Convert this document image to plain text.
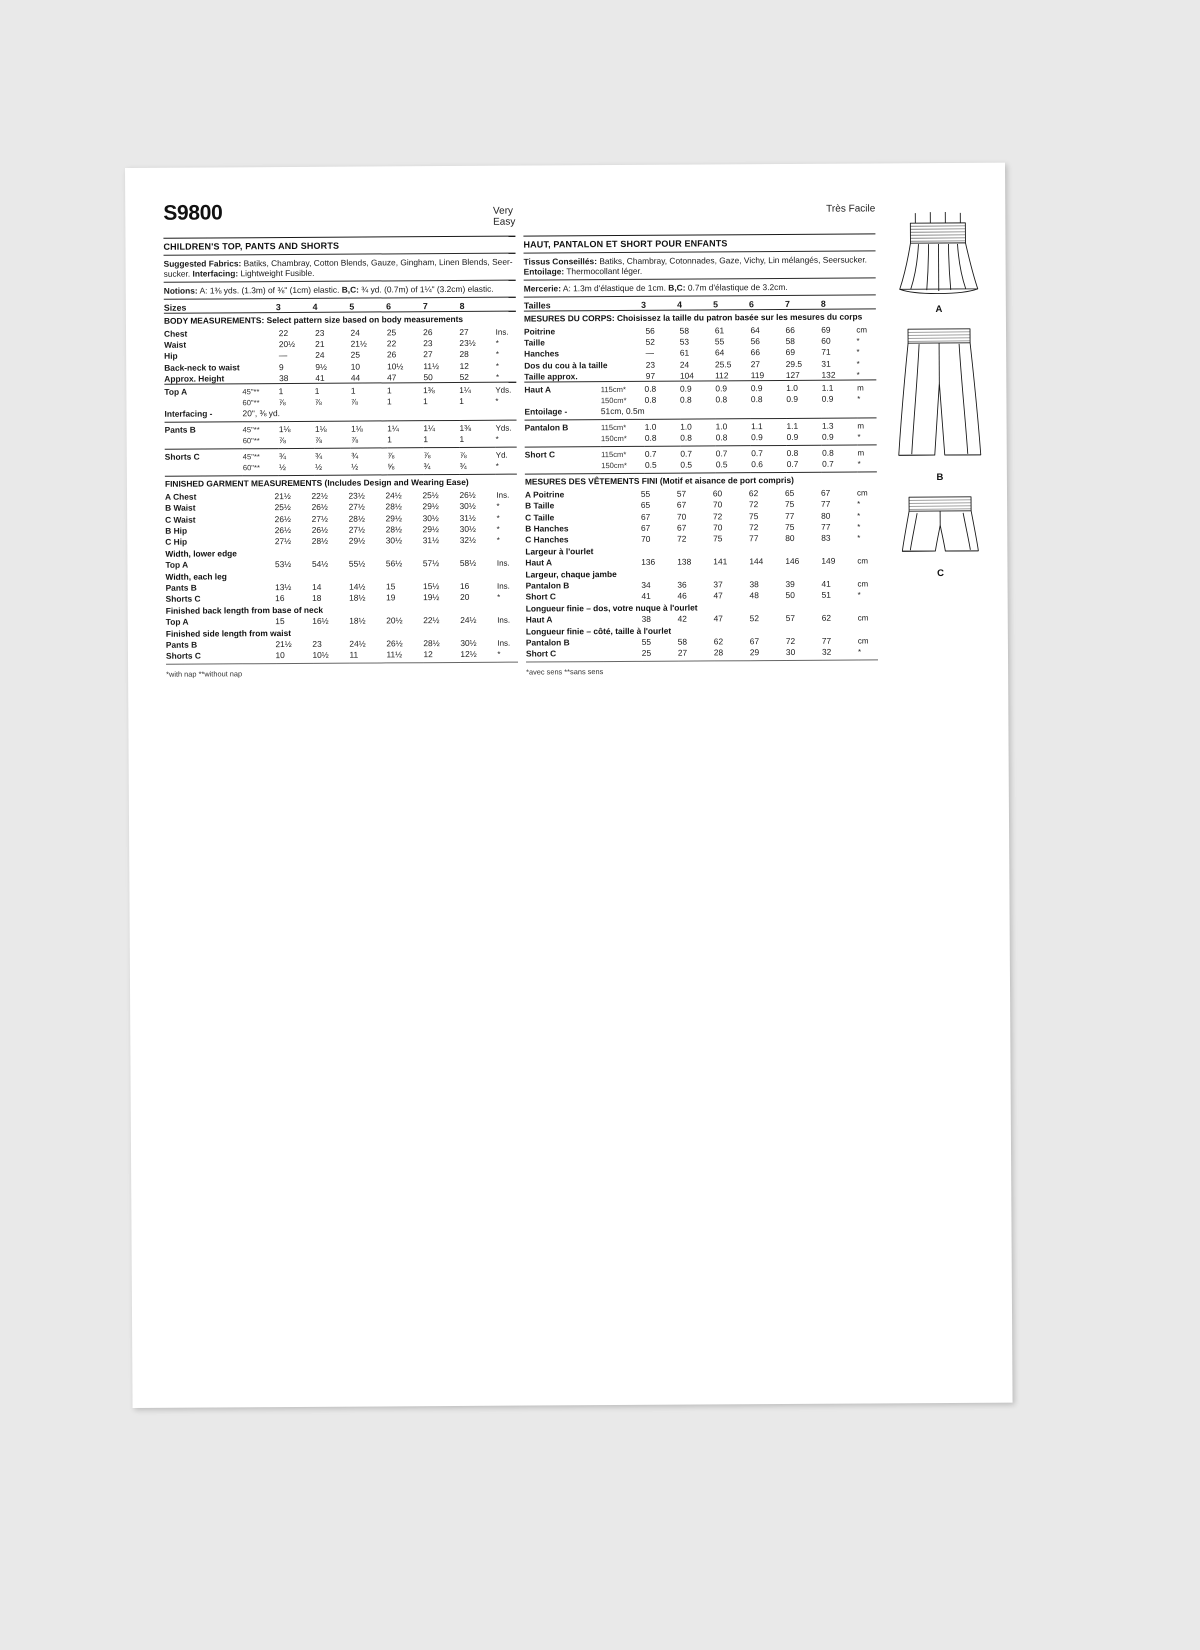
S9800
CHILDREN'S TOP, PANTS AND SHORTS
Suggested Fabrics: Batiks, Chambray, Cotton Blends, Gauze, Gingham, Linen Blends, Seer-sucker. Interfacing: Lightweight Fusible.
Notions: A: 1⅜ yds. (1.3m) of ⅜" (1cm) elastic. B,C: ¾ yd. (0.7m) of 1¼" (3.2cm) elastic.
Sizes		3	4	5	6	7	8	
BODY MEASUREMENTS: Select pattern size based on body measurements
Chest		22	23	24	25	26	27	Ins.
Waist		20½	21	21½	22	23	23½	*
Hip		—	24	25	26	27	28	*
Back-neck to waist		9	9½	10	10½	11½	12	*
Approx. Height		38	41	44	47	50	52	*
Top A	45"**	1	1	1	1	1⅜	1¼	Yds.
	60"**	⅞	⅞	⅞	1	1	1	*
Interfacing -	20", ⅜ yd.							

Pants B	45"**	1⅛	1⅛	1⅛	1¼	1¼	1⅜	Yds.
	60"**	⅞	⅞	⅞	1	1	1	*

Shorts C	45"**	¾	¾	¾	⅞	⅞	⅞	Yd.
	60"**	½	½	½	⅝	¾	¾	*

FINISHED GARMENT MEASUREMENTS (Includes Design and Wearing Ease)
A Chest		21½	22½	23½	24½	25½	26½	Ins.
B Waist		25½	26½	27½	28½	29½	30½	*
C Waist		26½	27½	28½	29½	30½	31½	*
B Hip		26½	26½	27½	28½	29½	30½	*
C Hip		27½	28½	29½	30½	31½	32½	*
Width, lower edge								
Top A		53½	54½	55½	56½	57½	58½	Ins.
Width, each leg								
Pants B		13½	14	14½	15	15½	16	Ins.
Shorts C		16	18	18½	19	19½	20	*
Finished back length from base of neck								
Top A		15	16½	18½	20½	22½	24½	Ins.
Finished side length from waist								
Pants B		21½	23	24½	26½	28½	30½	Ins.
Shorts C		10	10½	11	11½	12	12½	*

*with nap **without nap
Very Easy
Très Facile
HAUT, PANTALON ET SHORT POUR ENFANTS
Tissus Conseillés: Batiks, Chambray, Cotonnades, Gaze, Vichy, Lin mélangés, Seersucker.
Entoilage: Thermocollant léger.
Mercerie: A: 1.3m d'élastique de 1cm. B,C: 0.7m d'élastique de 3.2cm.
Tailles		3	4	5	6	7	8	
MESURES DU CORPS: Choisissez la taille du patron basée sur les mesures du corps
Poitrine		56	58	61	64	66	69	cm
Taille		52	53	55	56	58	60	*
Hanches		—	61	64	66	69	71	*
Dos du cou à la taille		23	24	25.5	27	29.5	31	*
Taille approx.		97	104	112	119	127	132	*
Haut A	115cm*	0.8	0.9	0.9	0.9	1.0	1.1	m
	150cm*	0.8	0.8	0.8	0.8	0.9	0.9	*
Entoilage -	51cm, 0.5m							

Pantalon B	115cm*	1.0	1.0	1.0	1.1	1.1	1.3	m
	150cm*	0.8	0.8	0.8	0.9	0.9	0.9	*

Short C	115cm*	0.7	0.7	0.7	0.7	0.8	0.8	m
	150cm*	0.5	0.5	0.5	0.6	0.7	0.7	*

MESURES DES VÊTEMENTS FINI (Motif et aisance de port compris)
A Poitrine		55	57	60	62	65	67	cm
B Taille		65	67	70	72	75	77	*
C Taille		67	70	72	75	77	80	*
B Hanches		67	67	70	72	75	77	*
C Hanches		70	72	75	77	80	83	*
Largeur à l'ourlet								
Haut A		136	138	141	144	146	149	cm
Largeur, chaque jambe								
Pantalon B		34	36	37	38	39	41	cm
Short C		41	46	47	48	50	51	*
Longueur finie – dos, votre nuque à l'ourlet								
Haut A		38	42	47	52	57	62	cm
Longueur finie – côté, taille à l'ourlet								
Pantalon B		55	58	62	67	72	77	cm
Short C		25	27	28	29	30	32	*

*avec sens **sans sens
A
B
C
